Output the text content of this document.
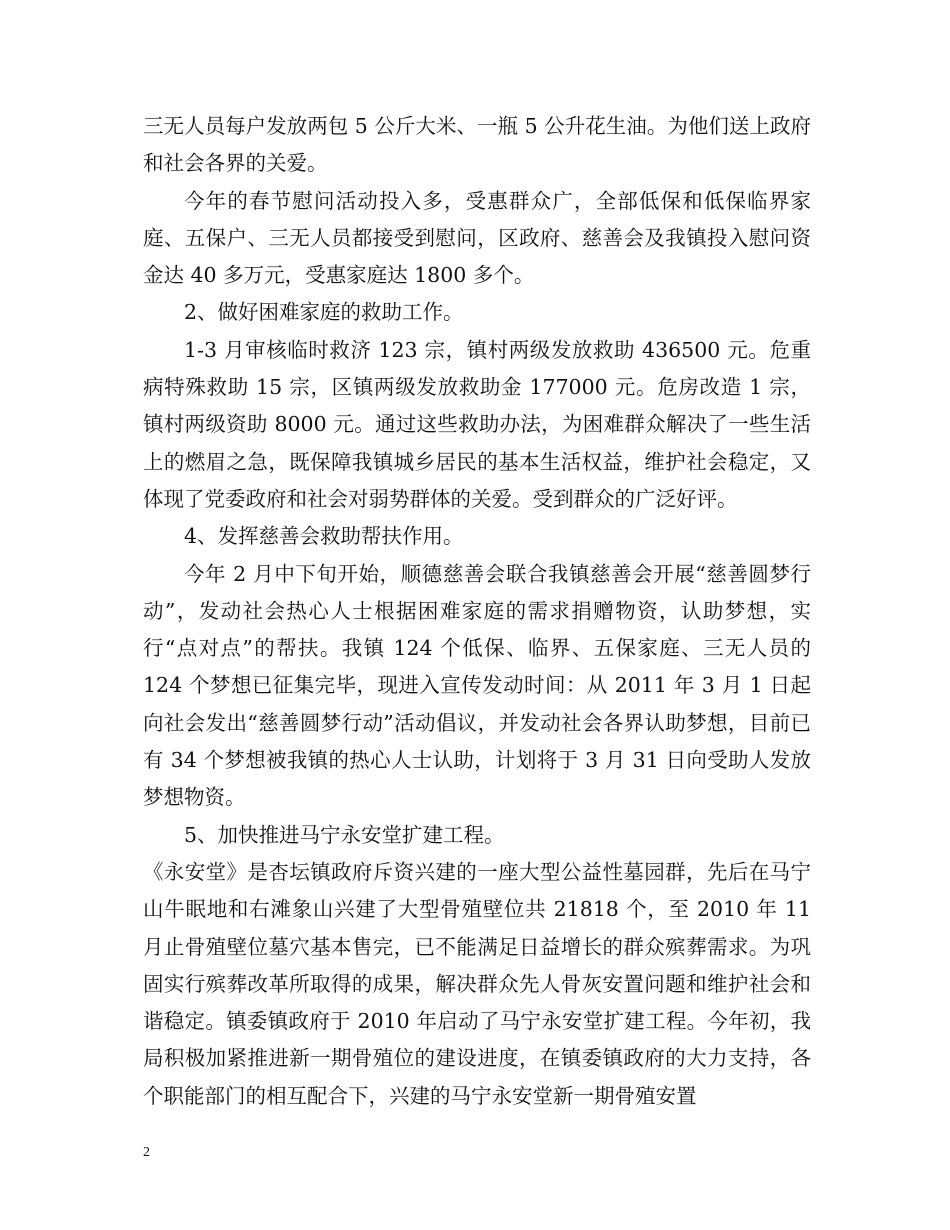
三无人员每户发放两包 5 公斤大米、一瓶 5 公升花生油。为他们送上政府和社会各界的关爱。

今年的春节慰问活动投入多，受惠群众广，全部低保和低保临界家庭、五保户、三无人员都接受到慰问，区政府、慈善会及我镇投入慰问资金达 40 多万元，受惠家庭达 1800 多个。

2、做好困难家庭的救助工作。

1-3 月审核临时救济 123 宗，镇村两级发放救助 436500 元。危重病特殊救助 15 宗，区镇两级发放救助金 177000 元。危房改造 1 宗，镇村两级资助 8000 元。通过这些救助办法，为困难群众解决了一些生活上的燃眉之急，既保障我镇城乡居民的基本生活权益，维护社会稳定，又体现了党委政府和社会对弱势群体的关爱。受到群众的广泛好评。

4、发挥慈善会救助帮扶作用。

今年 2 月中下旬开始，顺德慈善会联合我镇慈善会开展“慈善圆梦行动”，发动社会热心人士根据困难家庭的需求捐赠物资，认助梦想，实行“点对点”的帮扶。我镇 124 个低保、临界、五保家庭、三无人员的 124 个梦想已征集完毕，现进入宣传发动时间：从 2011 年 3 月 1 日起向社会发出“慈善圆梦行动”活动倡议，并发动社会各界认助梦想，目前已有 34 个梦想被我镇的热心人士认助，计划将于 3 月 31 日向受助人发放梦想物资。

5、加快推进马宁永安堂扩建工程。

《永安堂》是杏坛镇政府斥资兴建的一座大型公益性墓园群，先后在马宁山牛眠地和右滩象山兴建了大型骨殖壁位共 21818 个，至 2010 年 11 月止骨殖壁位墓穴基本售完，已不能满足日益增长的群众殡葬需求。为巩固实行殡葬改革所取得的成果，解决群众先人骨灰安置问题和维护社会和谐稳定。镇委镇政府于 2010 年启动了马宁永安堂扩建工程。今年初，我局积极加紧推进新一期骨殖位的建设进度，在镇委镇政府的大力支持，各个职能部门的相互配合下，兴建的马宁永安堂新一期骨殖安置

2
